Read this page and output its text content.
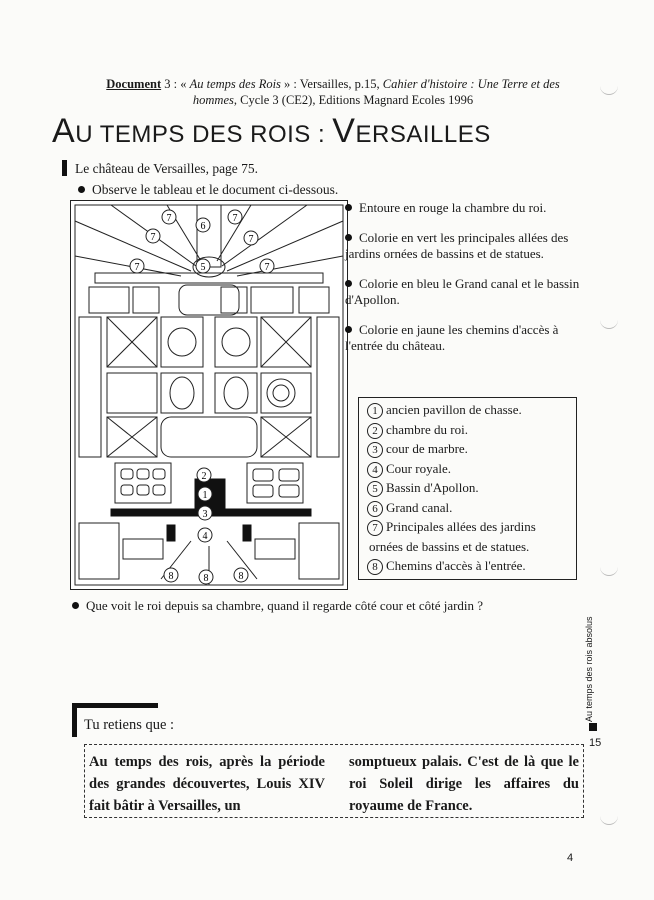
Document 3 : « Au temps des Rois » : Versailles, p.15, Cahier d'histoire : Une Terre et des hommes, Cycle 3 (CE2), Editions Magnard Ecoles 1996
AU TEMPS DES ROIS : VERSAILLES
Le château de Versailles, page 75.
Observe le tableau et le document ci-dessous.
7
6
7
7	7
7	5	7
2
1
3
4
8	8	8

Entoure en rouge la chambre du roi.

Colorie en vert les principales allées des jardins ornées de bassins et de statues.

Colorie en bleu le Grand canal et le bassin d'Apollon.

Colorie en jaune les chemins d'accès à l'entrée du château.

1 ancien pavillon de chasse.
2 chambre du roi.
3 cour de marbre.
4 Cour royale.
5 Bassin d'Apollon.
6 Grand canal.
7 Principales allées des jardins
ornées de bassins et de statues.
8 Chemins d'accès à l'entrée.
Que voit le roi depuis sa chambre, quand il regarde côté cour et côté jardin ?
Tu retiens que :
Au temps des rois, après la période des grandes découvertes, Louis XIV fait bâtir à Versailles, un
somptueux palais. C'est de là que le roi Soleil dirige les affaires du royaume de France.
Au temps des rois absolus
15
4
